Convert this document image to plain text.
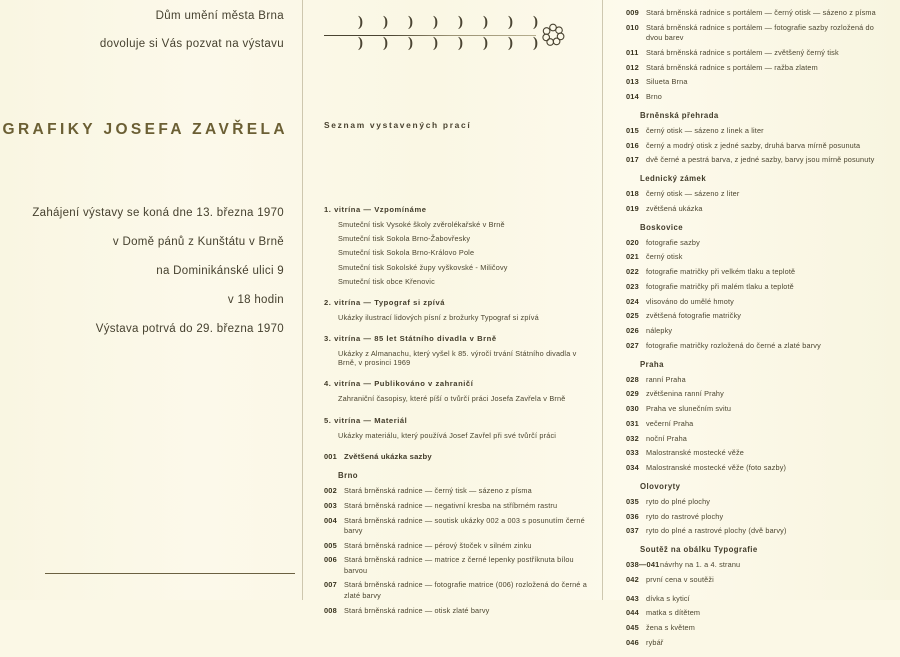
Dům umění města Brna
dovoluje si Vás pozvat na výstavu
GRAFIKY JOSEFA ZAVŘELA
Zahájení výstavy se koná dne 13. března 1970
v Domě pánů z Kunštátu v Brně
na Dominikánské ulici 9
v 18 hodin
Výstava potrvá do 29. března 1970
) ) ) ) ) ) ) )
) ) ) ) ) ) ) )
Seznam vystavených prací
1. vitrína — Vzpomínáme
Smuteční tisk Vysoké školy zvěrolékařské v Brně
Smuteční tisk Sokola Brno-Žabovřesky
Smuteční tisk Sokola Brno-Královo Pole
Smuteční tisk Sokolské župy vyškovské - Miličovy
Smuteční tisk obce Křenovic
2. vitrína — Typograf si zpívá
Ukázky ilustrací lidových písní z brožurky Typograf si zpívá
3. vitrína — 85 let Státního divadla v Brně
Ukázky z Almanachu, který vyšel k 85. výročí trvání Státního divadla v Brně, v prosinci 1969
4. vitrína — Publikováno v zahraničí
Zahraniční časopisy, které píší o tvůrčí práci Josefa Zavřela v Brně
5. vitrína — Materiál
Ukázky materiálu, který používá Josef Zavřel při své tvůrčí práci
001 Zvětšená ukázka sazby
Brno
002 Stará brněnská radnice — černý tisk — sázeno z písma
003 Stará brněnská radnice — negativní kresba na stříbrném rastru
004 Stará brněnská radnice — soutisk ukázky 002 a 003 s posunutím černé barvy
005 Stará brněnská radnice — pérový štoček v silném zinku
006 Stará brněnská radnice — matrice z černé lepenky postříknuta bílou barvou
007 Stará brněnská radnice — fotografie matrice (006) rozložená do černé a zlaté barvy
008 Stará brněnská radnice — otisk zlaté barvy
009 Stará brněnská radnice s portálem — černý otisk — sázeno z písma
010 Stará brněnská radnice s portálem — fotografie sazby rozložená do dvou barev
011	Stará brněnská radnice s portálem — zvětšený černý tisk
012 Stará brněnská radnice s portálem — ražba zlatem
013 Silueta Brna
014 Brno
Brněnská přehrada
015 černý otisk — sázeno z linek a liter
016 černý a modrý otisk z jedné sazby, druhá barva mírně posunuta
017 dvě černé a pestrá barva, z jedné sazby, barvy jsou mírně posunuty
Lednický zámek
018 černý otisk — sázeno z liter
019 zvětšená ukázka
Boskovice
020 fotografie sazby
021 černý otisk
022 fotografie matričky při velkém tlaku a teplotě
023 fotografie matričky při malém tlaku a teplotě
024 vlisováno do umělé hmoty
025 zvětšená fotografie matričky
026 nálepky
027 fotografie matričky rozložená do černé a zlaté barvy
Praha
028 ranní Praha
029 zvětšenina ranní Prahy
030 Praha ve slunečním svitu
031 večerní Praha
032 noční Praha
033 Malostranské mostecké věže
034 Malostranské mostecké věže (foto sazby)
Olovoryty
035 ryto do plné plochy
036 ryto do rastrové plochy
037 ryto do plné a rastrové plochy (dvě barvy)
Soutěž na obálku Typografie
038—041 návrhy na 1. a 4. stranu
042 první cena v soutěži
043 dívka s kyticí
044 matka s dítětem
045 žena s květem
046 rybář
